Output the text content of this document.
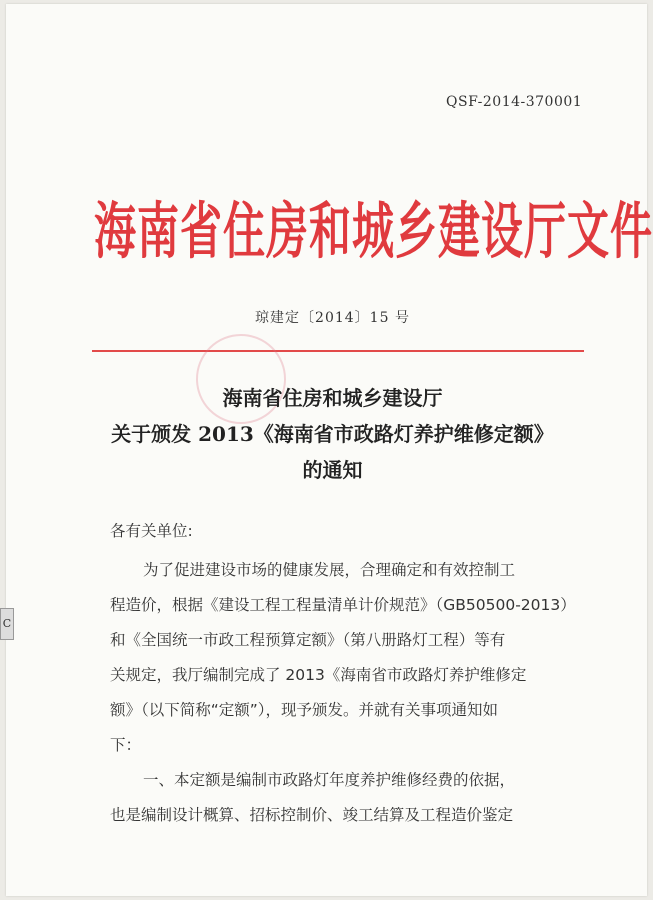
QSF-2014-370001
海南省住房和城乡建设厅文件
琼建定〔2014〕15 号
海南省住房和城乡建设厅
关于颁发 2013《海南省市政路灯养护维修定额》
的通知
各有关单位:
为了促进建设市场的健康发展，合理确定和有效控制工
程造价，根据《建设工程工程量清单计价规范》（GB50500-2013）
和《全国统一市政工程预算定额》（第八册路灯工程）等有
关规定，我厅编制完成了 2013《海南省市政路灯养护维修定
额》（以下简称“定额”），现予颁发。并就有关事项通知如
下：
一、本定额是编制市政路灯年度养护维修经费的依据，
也是编制设计概算、招标控制价、竣工结算及工程造价鉴定
C
